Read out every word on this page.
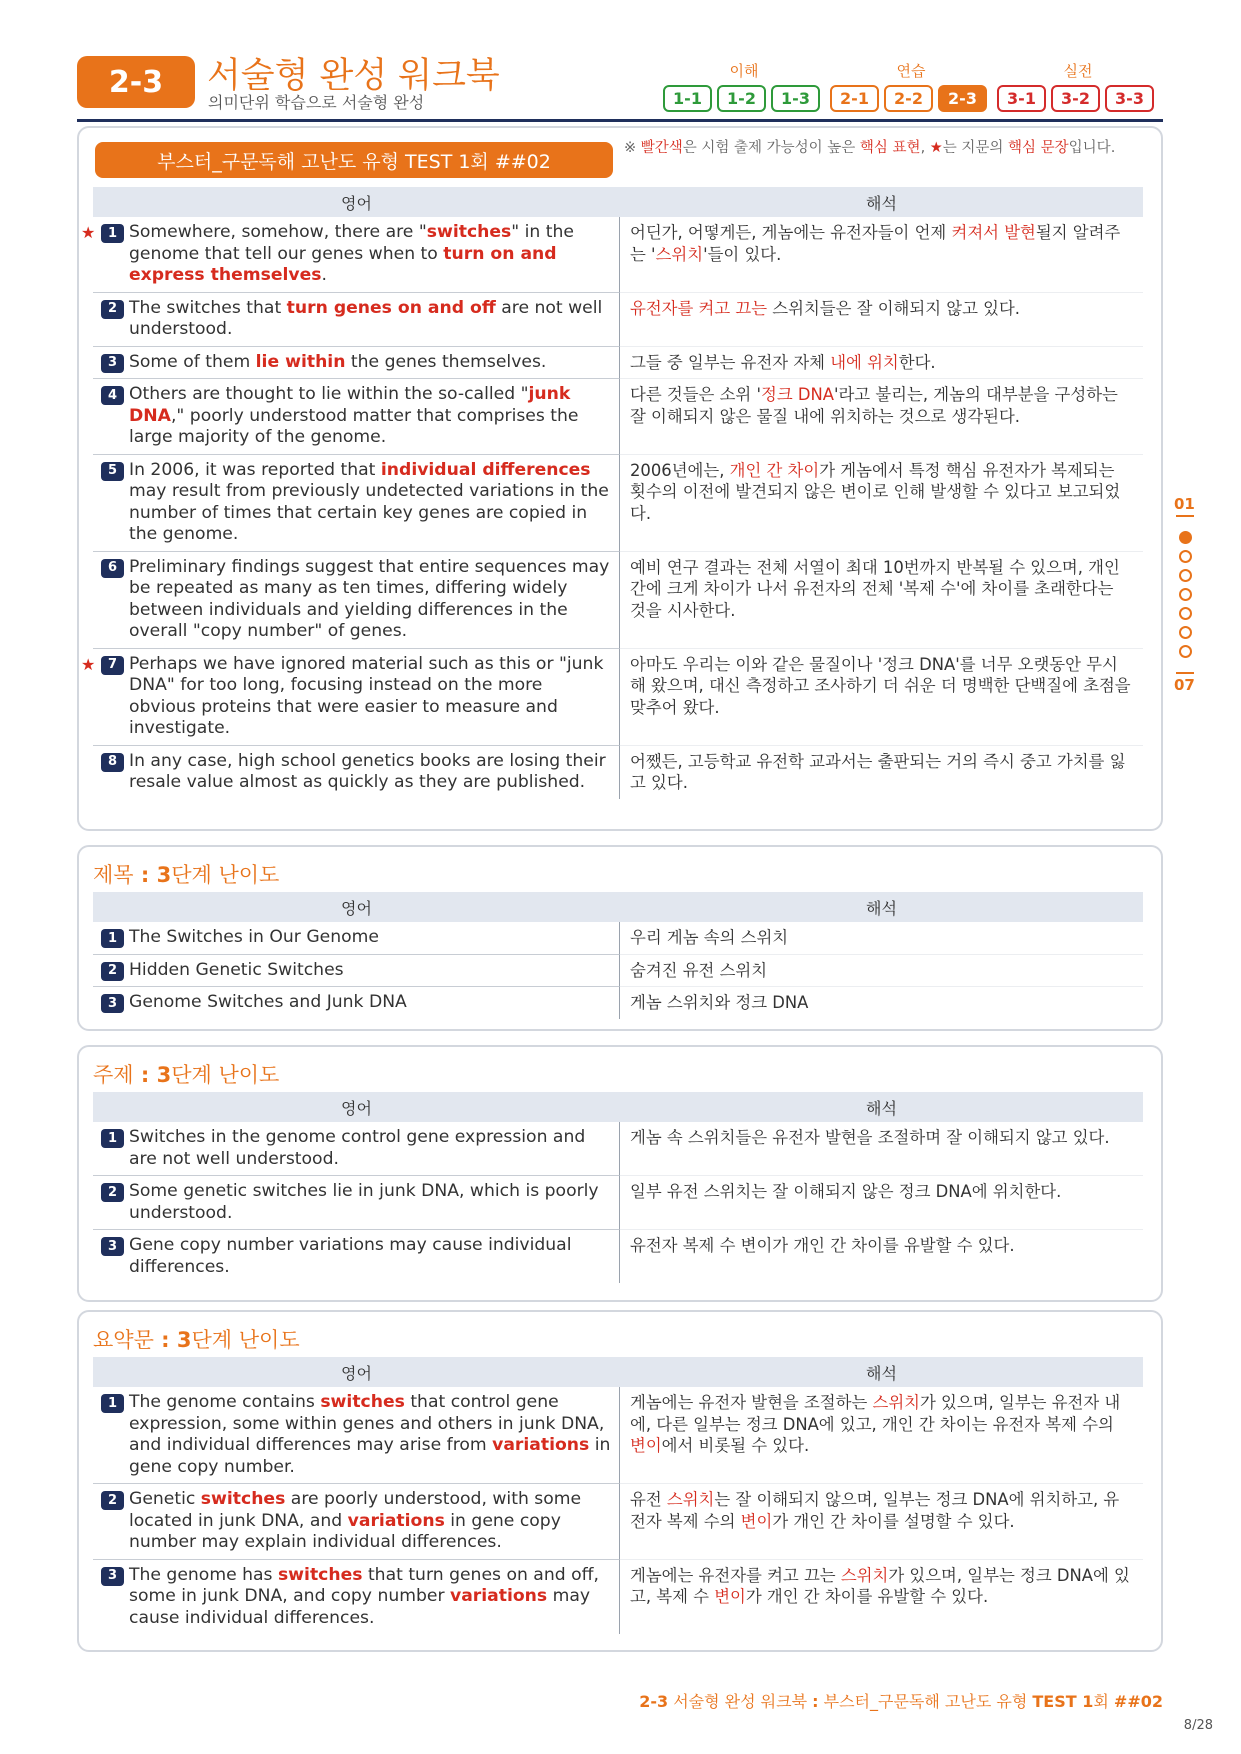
2-3	서술형 완성 워크북
의미단위 학습으로 서술형 완성
이해	연습	실전
1-1	1-2	1-3	2-1	2-2	2-3	3-1	3-2	3-3
부스터_구문독해 고난도 유형 TEST 1회 ##02
※ 빨간색은 시험 출제 가능성이 높은 핵심 표현, ★는 지문의 핵심 문장입니다.
영어	해석
★ 1 Somewhere, somehow, there are "switches" in the genome that tell our genes when to turn on and express themselves.
어딘가, 어떻게든, 게놈에는 유전자들이 언제 켜져서 발현될지 알려주는 '스위치'들이 있다.
2 The switches that turn genes on and off are not well understood.
유전자를 켜고 끄는 스위치들은 잘 이해되지 않고 있다.
3 Some of them lie within the genes themselves.	그들 중 일부는 유전자 자체 내에 위치한다.
4 Others are thought to lie within the so-called "junk DNA," poorly understood matter that comprises the large majority of the genome.
다른 것들은 소위 '정크 DNA'라고 불리는, 게놈의 대부분을 구성하는 잘 이해되지 않은 물질 내에 위치하는 것으로 생각된다.
5 In 2006, it was reported that individual differences may result from previously undetected variations in the number of times that certain key genes are copied in the genome.
2006년에는, 개인 간 차이가 게놈에서 특정 핵심 유전자가 복제되는 횟수의 이전에 발견되지 않은 변이로 인해 발생할 수 있다고 보고되었다.
6 Preliminary findings suggest that entire sequences may be repeated as many as ten times, differing widely between individuals and yielding differences in the overall "copy number" of genes.
예비 연구 결과는 전체 서열이 최대 10번까지 반복될 수 있으며, 개인 간에 크게 차이가 나서 유전자의 전체 '복제 수'에 차이를 초래한다는 것을 시사한다.
★ 7 Perhaps we have ignored material such as this or "junk DNA" for too long, focusing instead on the more obvious proteins that were easier to measure and investigate.
아마도 우리는 이와 같은 물질이나 '정크 DNA'를 너무 오랫동안 무시해 왔으며, 대신 측정하고 조사하기 더 쉬운 더 명백한 단백질에 초점을 맞추어 왔다.
8 In any case, high school genetics books are losing their resale value almost as quickly as they are published.
어쨌든, 고등학교 유전학 교과서는 출판되는 거의 즉시 중고 가치를 잃고 있다.
제목 : 3단계 난이도
영어	해석
1 The Switches in Our Genome	우리 게놈 속의 스위치
2 Hidden Genetic Switches	숨겨진 유전 스위치
3 Genome Switches and Junk DNA	게놈 스위치와 정크 DNA
주제 : 3단계 난이도
영어	해석
1 Switches in the genome control gene expression and are not well understood.
게놈 속 스위치들은 유전자 발현을 조절하며 잘 이해되지 않고 있다.
2 Some genetic switches lie in junk DNA, which is poorly understood.
일부 유전 스위치는 잘 이해되지 않은 정크 DNA에 위치한다.
3 Gene copy number variations may cause individual differences.
유전자 복제 수 변이가 개인 간 차이를 유발할 수 있다.
요약문 : 3단계 난이도
영어	해석
1 The genome contains switches that control gene expression, some within genes and others in junk DNA, and individual differences may arise from variations in gene copy number.
게놈에는 유전자 발현을 조절하는 스위치가 있으며, 일부는 유전자 내에, 다른 일부는 정크 DNA에 있고, 개인 간 차이는 유전자 복제 수의 변이에서 비롯될 수 있다.
2 Genetic switches are poorly understood, with some located in junk DNA, and variations in gene copy number may explain individual differences.
유전 스위치는 잘 이해되지 않으며, 일부는 정크 DNA에 위치하고, 유전자 복제 수의 변이가 개인 간 차이를 설명할 수 있다.
3 The genome has switches that turn genes on and off, some in junk DNA, and copy number variations may cause individual differences.
게놈에는 유전자를 켜고 끄는 스위치가 있으며, 일부는 정크 DNA에 있고, 복제 수 변이가 개인 간 차이를 유발할 수 있다.
01
07
2-3 서술형 완성 워크북 : 부스터_구문독해 고난도 유형 TEST 1회 ##02
8/28
